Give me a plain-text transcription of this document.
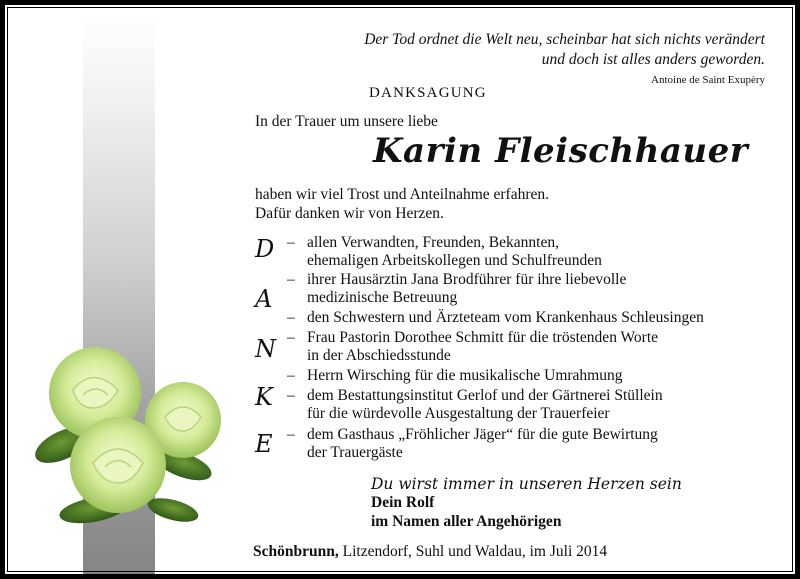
Der Tod ordnet die Welt neu, scheinbar hat sich nichts verändert
und doch ist alles anders geworden.
Antoine de Saint Exupèry
DANKSAGUNG
In der Trauer um unsere liebe
Karin Fleischhauer
haben wir viel Trost und Anteilnahme erfahren.
Dafür danken wir von Herzen.
D
A
N
K
E
– allen Verwandten, Freunden, Bekannten,
ehemaligen Arbeitskollegen und Schulfreunden
– ihrer Hausärztin Jana Brodführer für ihre liebevolle
medizinische Betreuung
– den Schwestern und Ärzteteam vom Krankenhaus Schleusingen
– Frau Pastorin Dorothee Schmitt für die tröstenden Worte
in der Abschiedsstunde
– Herrn Wirsching für die musikalische Umrahmung
– dem Bestattungsinstitut Gerlof und der Gärtnerei Stüllein
für die würdevolle Ausgestaltung der Trauerfeier
– dem Gasthaus „Fröhlicher Jäger“ für die gute Bewirtung
der Trauergäste
Du wirst immer in unseren Herzen sein
Dein Rolf
im Namen aller Angehörigen
Schönbrunn, Litzendorf, Suhl und Waldau, im Juli 2014
